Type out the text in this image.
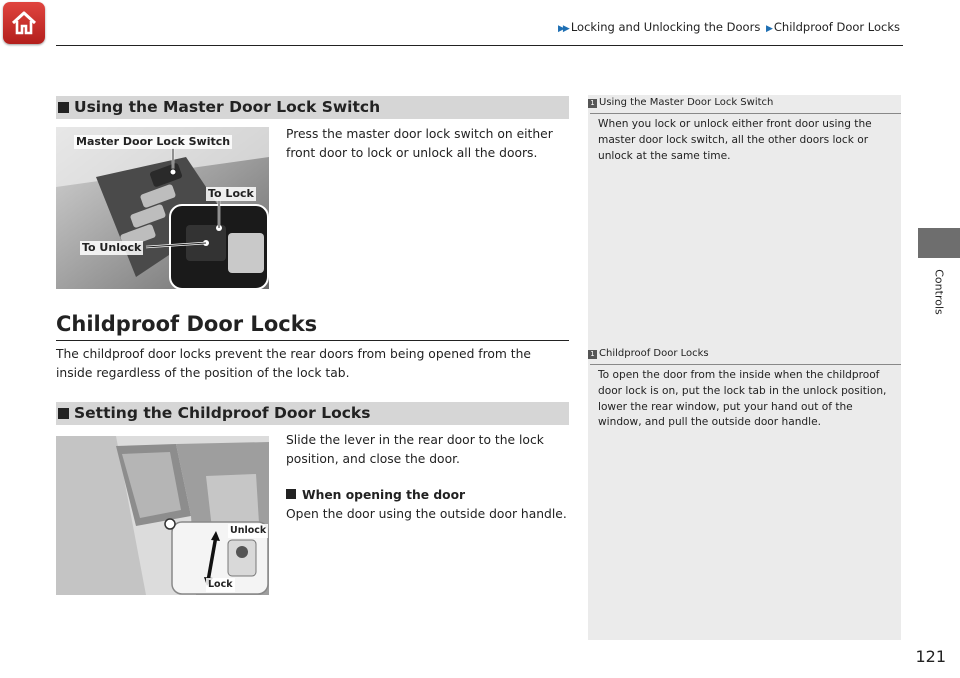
▶▶ Locking and Unlocking the Doors ▶ Childproof Door Locks
Controls
Using the Master Door Lock Switch
Master Door Lock Switch
To Lock
To Unlock
Press the master door lock switch on either front door to lock or unlock all the doors.
Childproof Door Locks
The childproof door locks prevent the rear doors from being opened from the inside regardless of the position of the lock tab.
Setting the Childproof Door Locks
Unlock
Lock
Slide the lever in the rear door to the lock position, and close the door.
When opening the door
Open the door using the outside door handle.
1 Using the Master Door Lock Switch
When you lock or unlock either front door using the master door lock switch, all the other doors lock or unlock at the same time.
1 Childproof Door Locks
To open the door from the inside when the childproof door lock is on, put the lock tab in the unlock position, lower the rear window, put your hand out of the window, and pull the outside door handle.
121
